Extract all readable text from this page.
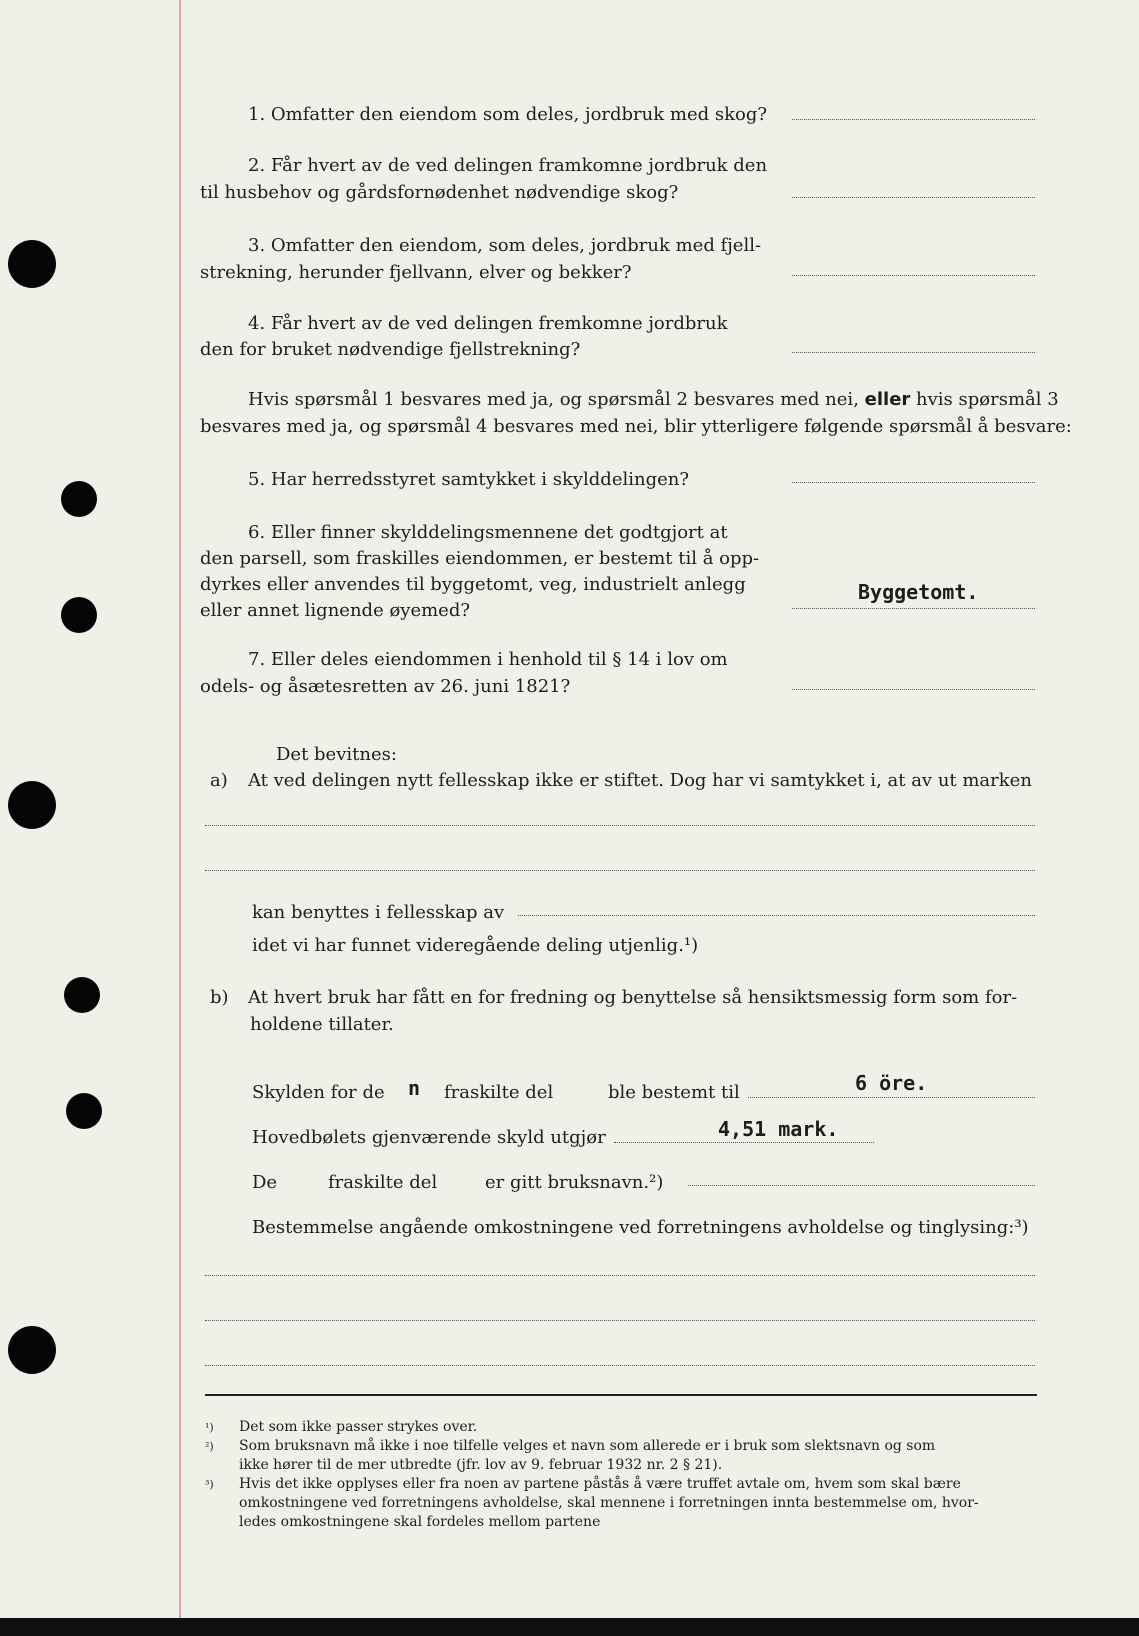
1. Omfatter den eiendom som deles, jordbruk med skog?
2. Får hvert av de ved delingen framkomne jordbruk den
til husbehov og gårdsfornødenhet nødvendige skog?
3. Omfatter den eiendom, som deles, jordbruk med fjell-
strekning, herunder fjellvann, elver og bekker?
4. Får hvert av de ved delingen fremkomne jordbruk
den for bruket nødvendige fjellstrekning?
Hvis spørsmål 1 besvares med ja, og spørsmål 2 besvares med nei, eller hvis spørsmål 3
besvares med ja, og spørsmål 4 besvares med nei, blir ytterligere følgende spørsmål å besvare:
5. Har herredsstyret samtykket i skylddelingen?
6. Eller finner skylddelingsmennene det godtgjort at
den parsell, som fraskilles eiendommen, er bestemt til å opp-
dyrkes eller anvendes til byggetomt, veg, industrielt anlegg
eller annet lignende øyemed?
Byggetomt.
7. Eller deles eiendommen i henhold til § 14 i lov om
odels- og åsætesretten av 26. juni 1821?
Det bevitnes:
a) At ved delingen nytt fellesskap ikke er stiftet. Dog har vi samtykket i, at av ut marken
kan benyttes i fellesskap av
idet vi har funnet videregående deling utjenlig.¹)
b) At hvert bruk har fått en for fredning og benyttelse så hensiktsmessig form som for-
holdene tillater.
Skylden for de n fraskilte del	ble bestemt til	6 öre.
Hovedbølets gjenværende skyld utgjør	4,51 mark.
De	fraskilte del	er gitt bruksnavn.²)
Bestemmelse angående omkostningene ved forretningens avholdelse og tinglysing:³)
¹) Det som ikke passer strykes over.
²) Som bruksnavn må ikke i noe tilfelle velges et navn som allerede er i bruk som slektsnavn og som
ikke hører til de mer utbredte (jfr. lov av 9. februar 1932 nr. 2 § 21).
³) Hvis det ikke opplyses eller fra noen av partene påstås å være truffet avtale om, hvem som skal bære
omkostningene ved forretningens avholdelse, skal mennene i forretningen innta bestemmelse om, hvor-
ledes omkostningene skal fordeles mellom partene
